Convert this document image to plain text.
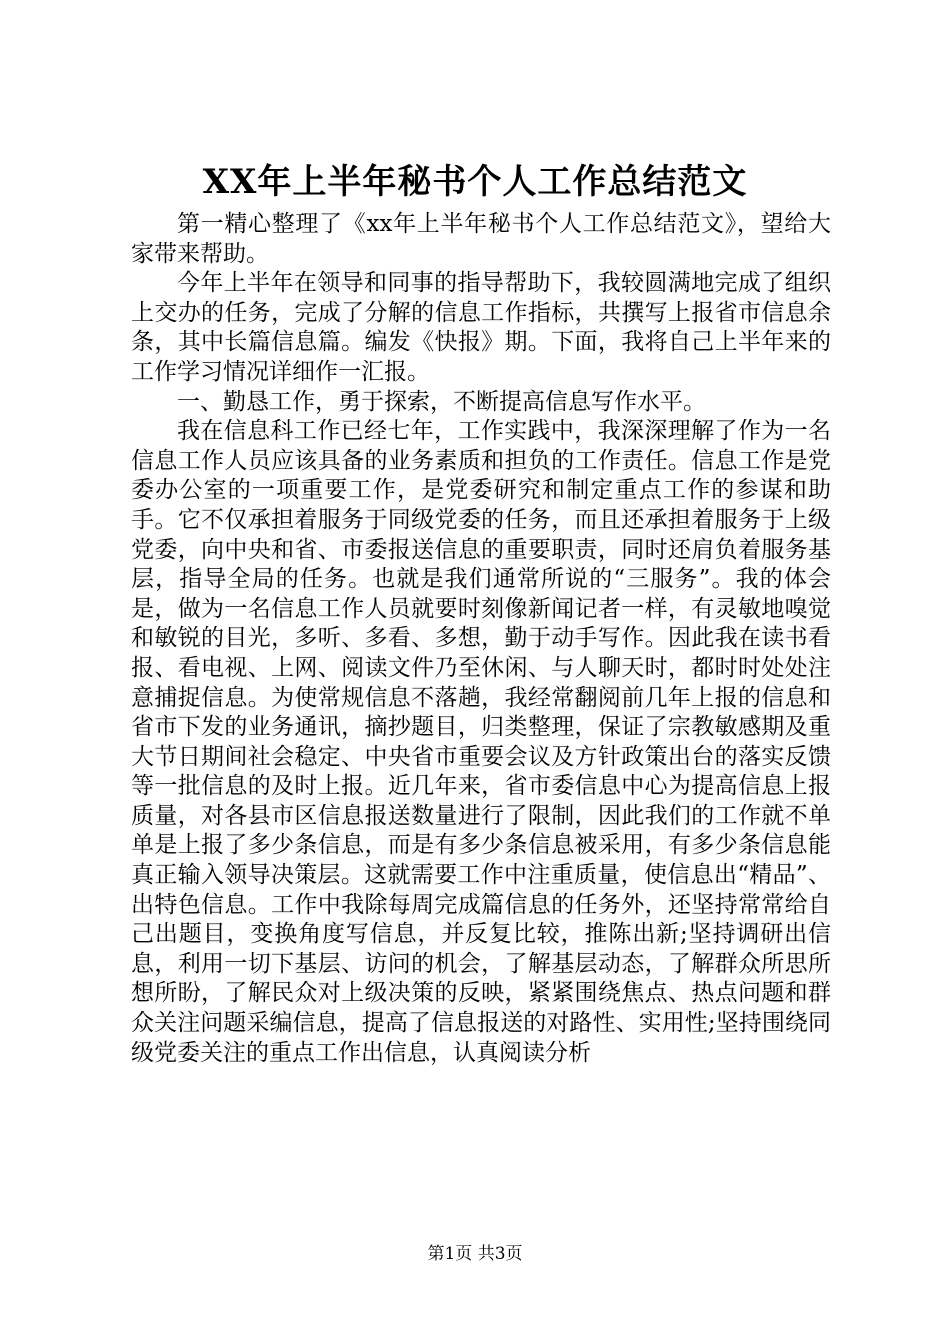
XX年上半年秘书个人工作总结范文

第一精心整理了《xx年上半年秘书个人工作总结范文》，望给大家带来帮助。

今年上半年在领导和同事的指导帮助下，我较圆满地完成了组织上交办的任务，完成了分解的信息工作指标，共撰写上报省市信息余条，其中长篇信息篇。编发《快报》期。下面，我将自己上半年来的工作学习情况详细作一汇报。

一、勤恳工作，勇于探索，不断提高信息写作水平。

我在信息科工作已经七年，工作实践中，我深深理解了作为一名信息工作人员应该具备的业务素质和担负的工作责任。信息工作是党委办公室的一项重要工作，是党委研究和制定重点工作的参谋和助手。它不仅承担着服务于同级党委的任务，而且还承担着服务于上级党委，向中央和省、市委报送信息的重要职责，同时还肩负着服务基层，指导全局的任务。也就是我们通常所说的“三服务”。我的体会是，做为一名信息工作人员就要时刻像新闻记者一样，有灵敏地嗅觉和敏锐的目光，多听、多看、多想，勤于动手写作。因此我在读书看报、看电视、上网、阅读文件乃至休闲、与人聊天时，都时时处处注意捕捉信息。为使常规信息不落趟，我经常翻阅前几年上报的信息和省市下发的业务通讯，摘抄题目，归类整理，保证了宗教敏感期及重大节日期间社会稳定、中央省市重要会议及方针政策出台的落实反馈等一批信息的及时上报。近几年来，省市委信息中心为提高信息上报质量，对各县市区信息报送数量进行了限制，因此我们的工作就不单单是上报了多少条信息，而是有多少条信息被采用，有多少条信息能真正输入领导决策层。这就需要工作中注重质量，使信息出“精品”、出特色信息。工作中我除每周完成篇信息的任务外，还坚持常常给自己出题目，变换角度写信息，并反复比较，推陈出新;坚持调研出信息，利用一切下基层、访问的机会，了解基层动态，了解群众所思所想所盼，了解民众对上级决策的反映，紧紧围绕焦点、热点问题和群众关注问题采编信息，提高了信息报送的对路性、实用性;坚持围绕同级党委关注的重点工作出信息，认真阅读分析

第1页 共3页
